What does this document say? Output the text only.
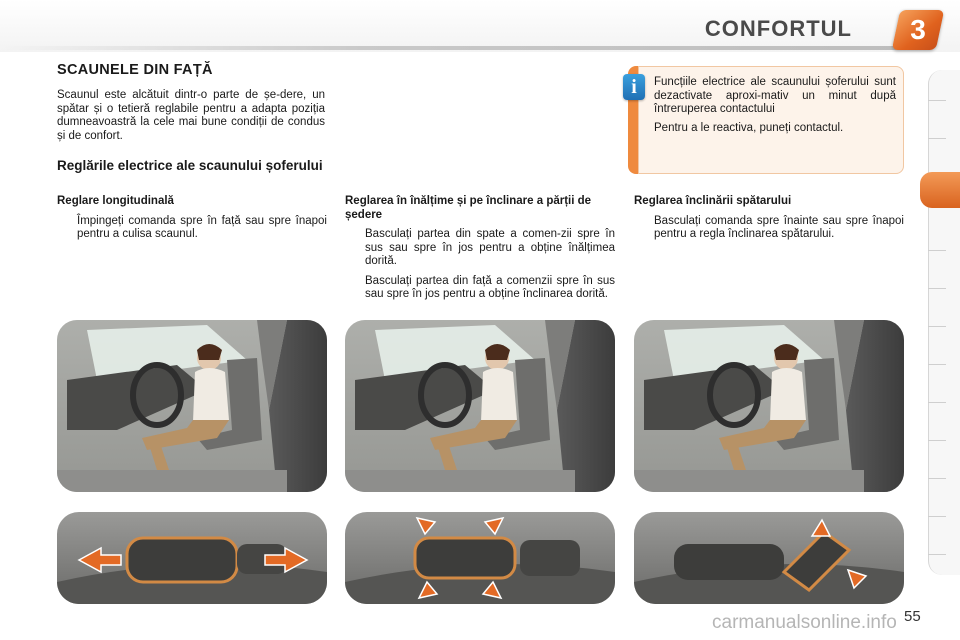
CONFORTUL	3
SCAUNELE DIN FAȚĂ
Scaunul este alcătuit dintr-o parte de șe-dere, un spătar și o tetieră reglabile pentru a adapta poziția dumneavoastră la cele mai bune condiții de condus și de confort.
Reglările electrice ale scaunului șoferului

Funcțiile electrice ale scaunului șoferului sunt dezactivate aproxi-mativ un minut după întreruperea contactului

Pentru a le reactiva, puneți contactul.

i
Reglare longitudinală

Împingeți comanda spre în față sau spre înapoi pentru a culisa scaunul.

Reglarea în înălțime și pe înclinare a părții de ședere

Basculați partea din spate a comen-zii spre în sus sau spre în jos pentru a obține înălțimea dorită.

Basculați partea din față a comenzii spre în sus sau spre în jos pentru a obține înclinarea dorită.

Reglarea înclinării spătarului

Basculați comanda spre înainte sau spre înapoi pentru a regla înclinarea spătarului.

55
carmanualsonline.info
